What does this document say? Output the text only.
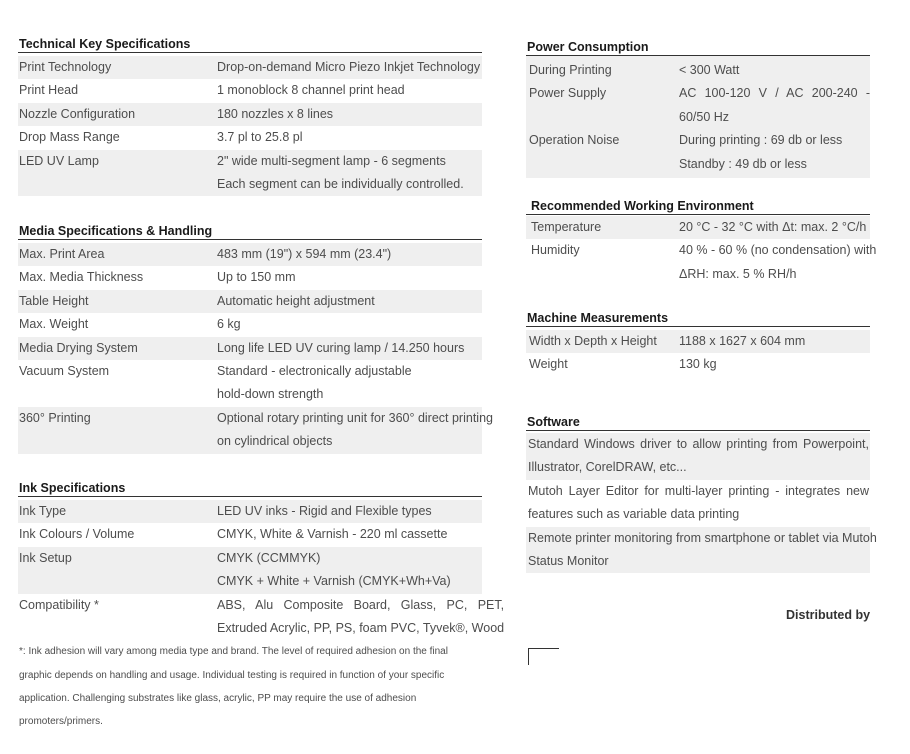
Technical Key Specifications
Print Technology	Drop-on-demand Micro Piezo Inkjet Technology
Print Head	1 monoblock 8 channel print head
Nozzle Configuration	180 nozzles x 8 lines
Drop Mass Range	3.7 pl to 25.8 pl
LED UV Lamp	2" wide multi-segment lamp - 6 segments
Each segment can be individually controlled.
Media Specifications & Handling
Max. Print Area	483 mm (19") x 594 mm (23.4")
Max. Media Thickness	Up to 150 mm
Table Height	Automatic height adjustment
Max. Weight	6 kg
Media Drying System	Long life LED UV curing lamp / 14.250 hours
Vacuum System	Standard - electronically adjustable
hold-down strength
360° Printing	Optional rotary printing unit for 360° direct printing
on cylindrical objects
Ink Specifications
Ink Type	LED UV inks - Rigid and Flexible types
Ink Colours / Volume	CMYK, White & Varnish - 220 ml cassette
Ink Setup	CMYK (CCMMYK)
CMYK + White + Varnish (CMYK+Wh+Va)
Compatibility *	ABS, Alu Composite Board, Glass, PC, PET,
Extruded Acrylic, PP, PS, foam PVC, Tyvek®, Wood
*: Ink adhesion will vary among media type and brand. The level of required adhesion on the final
graphic depends on handling and usage. Individual testing is required in function of your specific
application. Challenging substrates like glass, acrylic, PP may require the use of adhesion
promoters/primers.
Power Consumption
During Printing	< 300 Watt
Power Supply	AC 100-120 V / AC 200-240 -
60/50 Hz
Operation Noise	During printing : 69 db or less
Standby : 49 db or less
Recommended Working Environment
Temperature	20 °C - 32 °C with Δt: max. 2 °C/h
Humidity	40 % - 60 % (no condensation) with
ΔRH: max. 5 % RH/h
Machine Measurements
Width x Depth x Height	1188 x 1627 x 604 mm
Weight	130 kg
Software
Standard Windows driver to allow printing from Powerpoint,
Illustrator, CorelDRAW, etc...
Mutoh Layer Editor for multi-layer printing - integrates new
features such as variable data printing
Remote printer monitoring from smartphone or tablet via Mutoh
Status Monitor
Distributed by
